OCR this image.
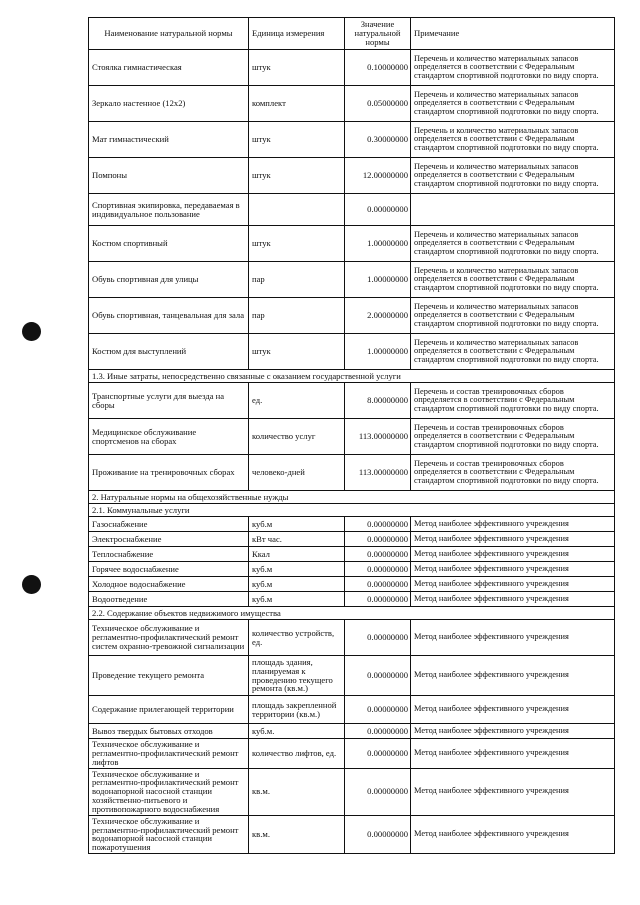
Наименование натуральной нормы	Единица измерения	Значение натуральной нормы	Примечание
Стоялка гимнастическая	штук	0.10000000	Перечень и количество материальных запасов определяется в соответствии с Федеральным стандартом спортивной подготовки по виду спорта.
Зеркало настенное (12х2)	комплект	0.05000000	Перечень и количество материальных запасов определяется в соответствии с Федеральным стандартом спортивной подготовки по виду спорта.
Мат гимнастический	штук	0.30000000	Перечень и количество материальных запасов определяется в соответствии с Федеральным стандартом спортивной подготовки по виду спорта.
Помпоны	штук	12.00000000	Перечень и количество материальных запасов определяется в соответствии с Федеральным стандартом спортивной подготовки по виду спорта.
Спортивная экипировка, передаваемая в индивидуальное пользование		0.00000000	
Костюм спортивный	штук	1.00000000	Перечень и количество материальных запасов определяется в соответствии с Федеральным стандартом спортивной подготовки по виду спорта.
Обувь спортивная для улицы	пар	1.00000000	Перечень и количество материальных запасов определяется в соответствии с Федеральным стандартом спортивной подготовки по виду спорта.
Обувь спортивная, танцевальная для зала	пар	2.00000000	Перечень и количество материальных запасов определяется в соответствии с Федеральным стандартом спортивной подготовки по виду спорта.
Костюм для выступлений	штук	1.00000000	Перечень и количество материальных запасов определяется в соответствии с Федеральным стандартом спортивной подготовки по виду спорта.
1.3. Иные затраты, непосредственно связанные с оказанием государственной услуги			
Транспортные услуги для выезда на сборы	ед.	8.00000000	Перечень и состав тренировочных сборов определяется в соответствии с Федеральным стандартом спортивной подготовки по виду спорта.
Медицинское обслуживание спортсменов на сборах	количество услуг	113.00000000	Перечень и состав тренировочных сборов определяется в соответствии с Федеральным стандартом спортивной подготовки по виду спорта.
Проживание на тренировочных сборах	человеко-дней	113.00000000	Перечень и состав тренировочных сборов определяется в соответствии с Федеральным стандартом спортивной подготовки по виду спорта.
2. Натуральные нормы на общехозяйственные нужды			
2.1. Коммунальные услуги			
Газоснабжение	куб.м	0.00000000	Метод наиболее эффективного учреждения
Электроснабжение	кВт час.	0.00000000	Метод наиболее эффективного учреждения
Теплоснабжение	Ккал	0.00000000	Метод наиболее эффективного учреждения
Горячее водоснабжение	куб.м	0.00000000	Метод наиболее эффективного учреждения
Холодное водоснабжение	куб.м	0.00000000	Метод наиболее эффективного учреждения
Водоотведение	куб.м	0.00000000	Метод наиболее эффективного учреждения
2.2. Содержание объектов недвижимого имущества			
Техническое обслуживание и регламентно-профилактический ремонт систем охранно-тревожной сигнализации	количество устройств, ед.	0.00000000	Метод наиболее эффективного учреждения
Проведение текущего ремонта	площадь здания, планируемая к проведению текущего ремонта (кв.м.)	0.00000000	Метод наиболее эффективного учреждения
Содержание прилегающей территории	площадь закрепленной территории (кв.м.)	0.00000000	Метод наиболее эффективного учреждения
Вывоз твердых бытовых отходов	куб.м.	0.00000000	Метод наиболее эффективного учреждения
Техническое обслуживание и регламентно-профилактический ремонт лифтов	количество лифтов, ед.	0.00000000	Метод наиболее эффективного учреждения
Техническое обслуживание и регламентно-профилактический ремонт водонапорной насосной станции хозяйственно-питьевого и противопожарного водоснабжения	кв.м.	0.00000000	Метод наиболее эффективного учреждения
Техническое обслуживание и регламентно-профилактический ремонт водонапорной насосной станции пожаротушения	кв.м.	0.00000000	Метод наиболее эффективного учреждения
